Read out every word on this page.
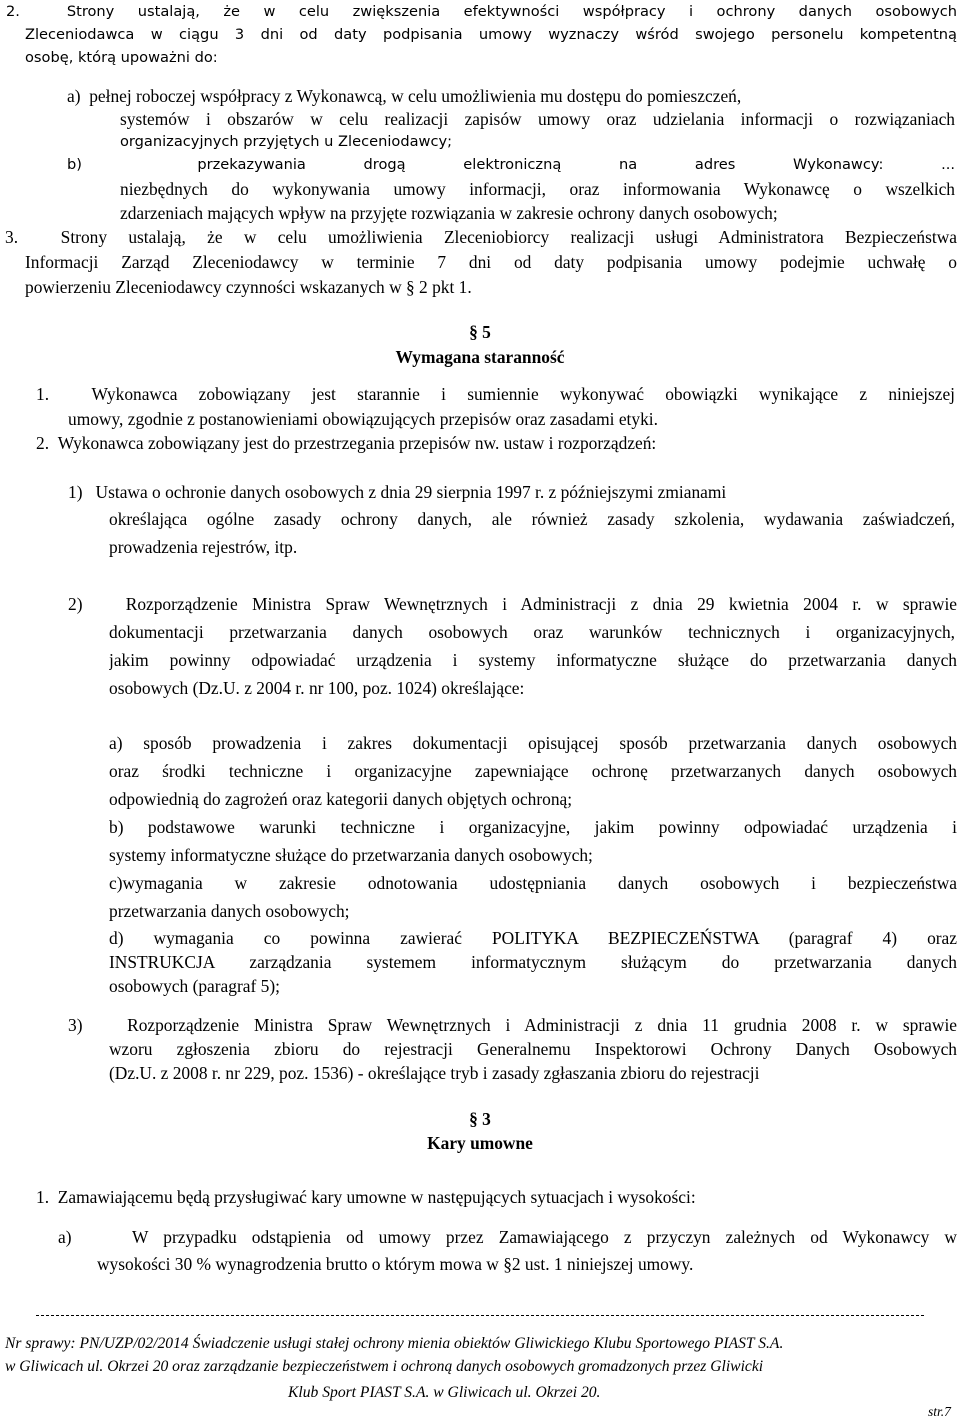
2.  Strony ustalają, że w celu zwiększenia efektywności współpracy i ochrony danych osobowych
Zleceniodawca w ciągu 3 dni od daty podpisania umowy wyznaczy wśród swojego personelu kompetentną
osobę, którą upoważni do:
a)  pełnej roboczej współpracy z Wykonawcą, w celu umożliwienia mu dostępu do pomieszczeń,
systemów i obszarów w celu realizacji zapisów umowy oraz udzielania informacji o rozwiązaniach
organizacyjnych przyjętych u Zleceniodawcy;
b)  przekazywania drogą elektroniczną na adres Wykonawcy: ...
niezbędnych do wykonywania umowy informacji, oraz informowania Wykonawcę o wszelkich
zdarzeniach mających wpływ na przyjęte rozwiązania w zakresie ochrony danych osobowych;
3.  Strony ustalają, że w celu umożliwienia Zleceniobiorcy realizacji usługi Administratora Bezpieczeństwa
Informacji Zarząd Zleceniodawcy w terminie 7 dni od daty podpisania umowy podejmie uchwałę o
powierzeniu Zleceniodawcy czynności wskazanych w § 2 pkt 1.
§ 5
Wymagana staranność
1.  Wykonawca zobowiązany jest starannie i sumiennie wykonywać obowiązki wynikające z niniejszej
umowy, zgodnie z postanowieniami obowiązujących przepisów oraz zasadami etyki.
2.  Wykonawca zobowiązany jest do przestrzegania przepisów nw. ustaw i rozporządzeń:
1)   Ustawa o ochronie danych osobowych z dnia 29 sierpnia 1997 r. z późniejszymi zmianami
określająca ogólne zasady ochrony danych, ale również zasady szkolenia, wydawania zaświadczeń,
prowadzenia rejestrów, itp.
2)   Rozporządzenie Ministra Spraw Wewnętrznych i Administracji z dnia 29 kwietnia 2004 r. w sprawie
dokumentacji przetwarzania danych osobowych oraz warunków technicznych i organizacyjnych,
jakim powinny odpowiadać urządzenia i systemy informatyczne służące do przetwarzania danych
osobowych (Dz.U. z 2004 r. nr 100, poz. 1024) określające:
a) sposób prowadzenia i zakres dokumentacji opisującej sposób przetwarzania danych osobowych
oraz środki techniczne i organizacyjne zapewniające ochronę przetwarzanych danych osobowych
odpowiednią do zagrożeń oraz kategorii danych objętych ochroną;
b) podstawowe warunki techniczne i organizacyjne, jakim powinny odpowiadać urządzenia i
systemy informatyczne służące do przetwarzania danych osobowych;
c)wymagania w zakresie odnotowania udostępniania danych osobowych i bezpieczeństwa
przetwarzania danych osobowych;
d) wymagania co powinna zawierać POLITYKA BEZPIECZEŃSTWA (paragraf 4) oraz
INSTRUKCJA zarządzania systemem informatycznym służącym do przetwarzania danych
osobowych (paragraf 5);
3)   Rozporządzenie Ministra Spraw Wewnętrznych i Administracji z dnia 11 grudnia 2008 r. w sprawie
wzoru zgłoszenia zbioru do rejestracji Generalnemu Inspektorowi Ochrony Danych Osobowych
(Dz.U. z 2008 r. nr 229, poz. 1536) - określające tryb i zasady zgłaszania zbioru do rejestracji
§ 3
Kary umowne
1.  Zamawiającemu będą przysługiwać kary umowne w następujących sytuacjach i wysokości:
a)    W przypadku odstąpienia od umowy przez Zamawiającego z przyczyn zależnych od Wykonawcy w
wysokości 30 % wynagrodzenia brutto o którym mowa w §2 ust. 1 niniejszej umowy.
Nr sprawy: PN/UZP/02/2014 Świadczenie usługi stałej ochrony mienia obiektów Gliwickiego Klubu Sportowego PIAST S.A.
w Gliwicach ul. Okrzei 20 oraz zarządzanie bezpieczeństwem i ochroną danych osobowych gromadzonych przez Gliwicki
Klub Sport PIAST S.A. w Gliwicach ul. Okrzei 20.
str.7
